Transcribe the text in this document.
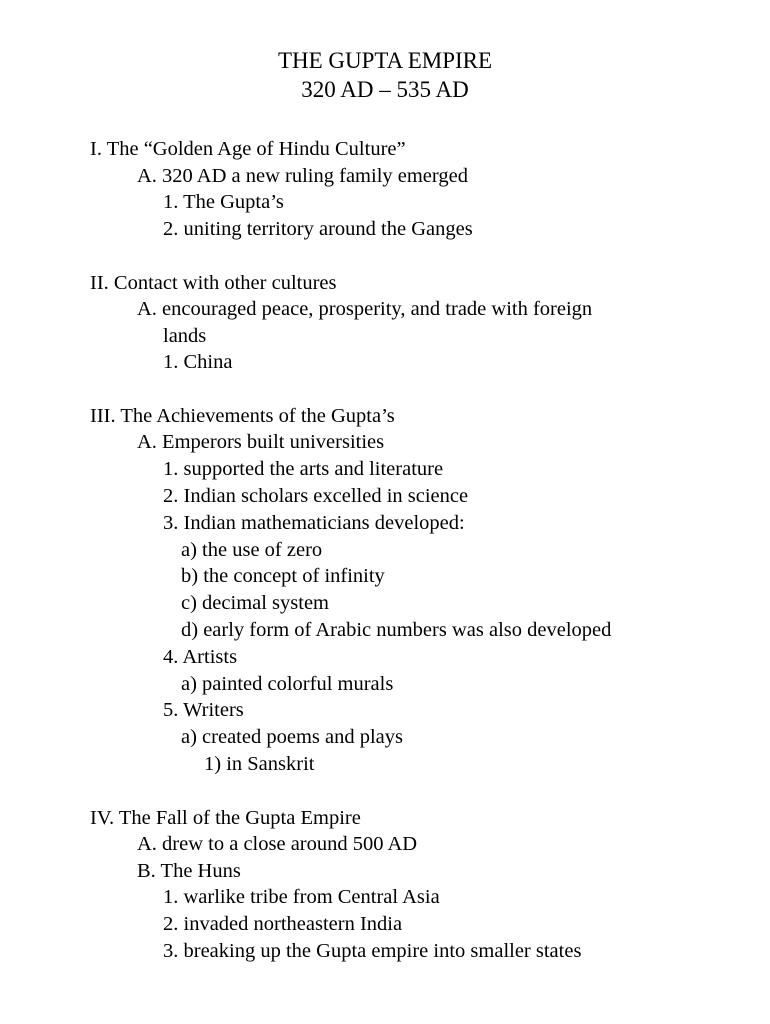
THE GUPTA EMPIRE
320 AD – 535 AD
I. The “Golden Age of Hindu Culture”
A. 320 AD a new ruling family emerged
1. The Gupta’s
2. uniting territory around the Ganges
II. Contact with other cultures
A. encouraged peace, prosperity, and trade with foreign
lands
1. China
III. The Achievements of the Gupta’s
A. Emperors built universities
1. supported the arts and literature
2. Indian scholars excelled in science
3. Indian mathematicians developed:
a) the use of zero
b) the concept of infinity
c) decimal system
d) early form of Arabic numbers was also developed
4. Artists
a) painted colorful murals
5. Writers
a) created poems and plays
1) in Sanskrit
IV. The Fall of the Gupta Empire
A. drew to a close around 500 AD
B. The Huns
1. warlike tribe from Central Asia
2. invaded northeastern India
3. breaking up the Gupta empire into smaller states
